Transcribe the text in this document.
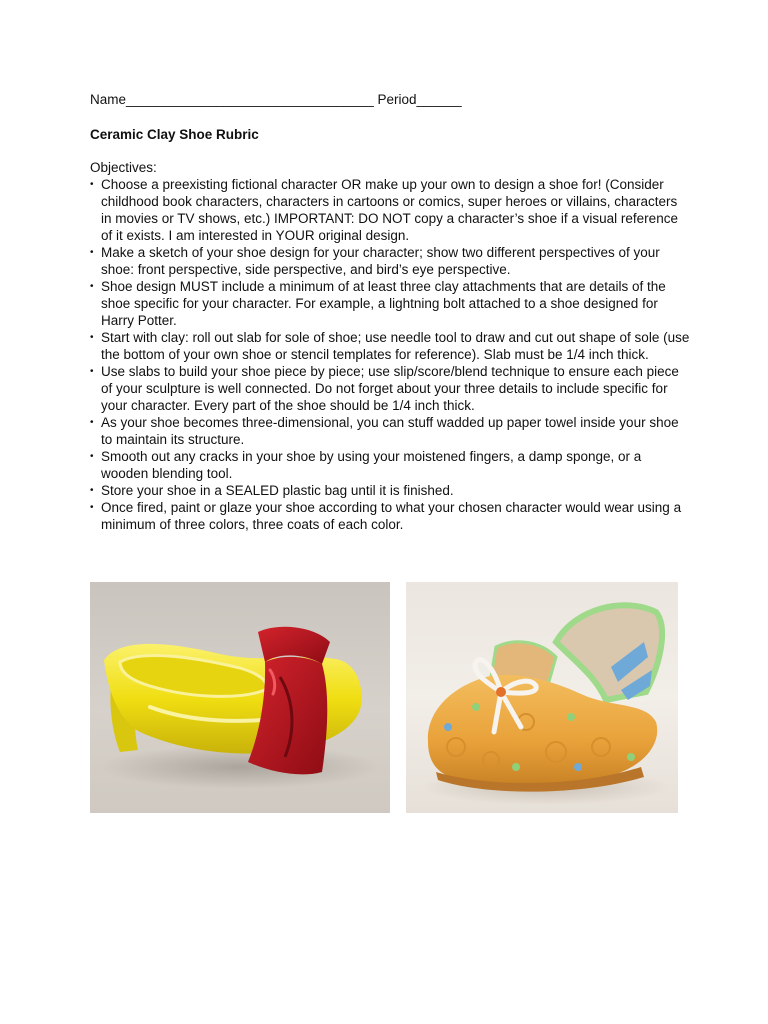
Name_________________________________ Period______
Ceramic Clay Shoe Rubric
Objectives:
• Choose a preexisting fictional character OR make up your own to design a shoe for! (Consider childhood book characters, characters in cartoons or comics, super heroes or villains, characters in movies or TV shows, etc.) IMPORTANT: DO NOT copy a character’s shoe if a visual reference of it exists. I am interested in YOUR original design.
• Make a sketch of your shoe design for your character; show two different perspectives of your shoe: front perspective, side perspective, and bird’s eye perspective.
• Shoe design MUST include a minimum of at least three clay attachments that are details of the shoe specific for your character. For example, a lightning bolt attached to a shoe designed for Harry Potter.
• Start with clay: roll out slab for sole of shoe; use needle tool to draw and cut out shape of sole (use the bottom of your own shoe or stencil templates for reference). Slab must be 1/4 inch thick.
• Use slabs to build your shoe piece by piece; use slip/score/blend technique to ensure each piece of your sculpture is well connected. Do not forget about your three details to include specific for your character. Every part of the shoe should be 1/4 inch thick.
• As your shoe becomes three-dimensional, you can stuff wadded up paper towel inside your shoe to maintain its structure.
• Smooth out any cracks in your shoe by using your moistened fingers, a damp sponge, or a wooden blending tool.
• Store your shoe in a SEALED plastic bag until it is finished.
• Once fired, paint or glaze your shoe according to what your chosen character would wear using a minimum of three colors, three coats of each color.
